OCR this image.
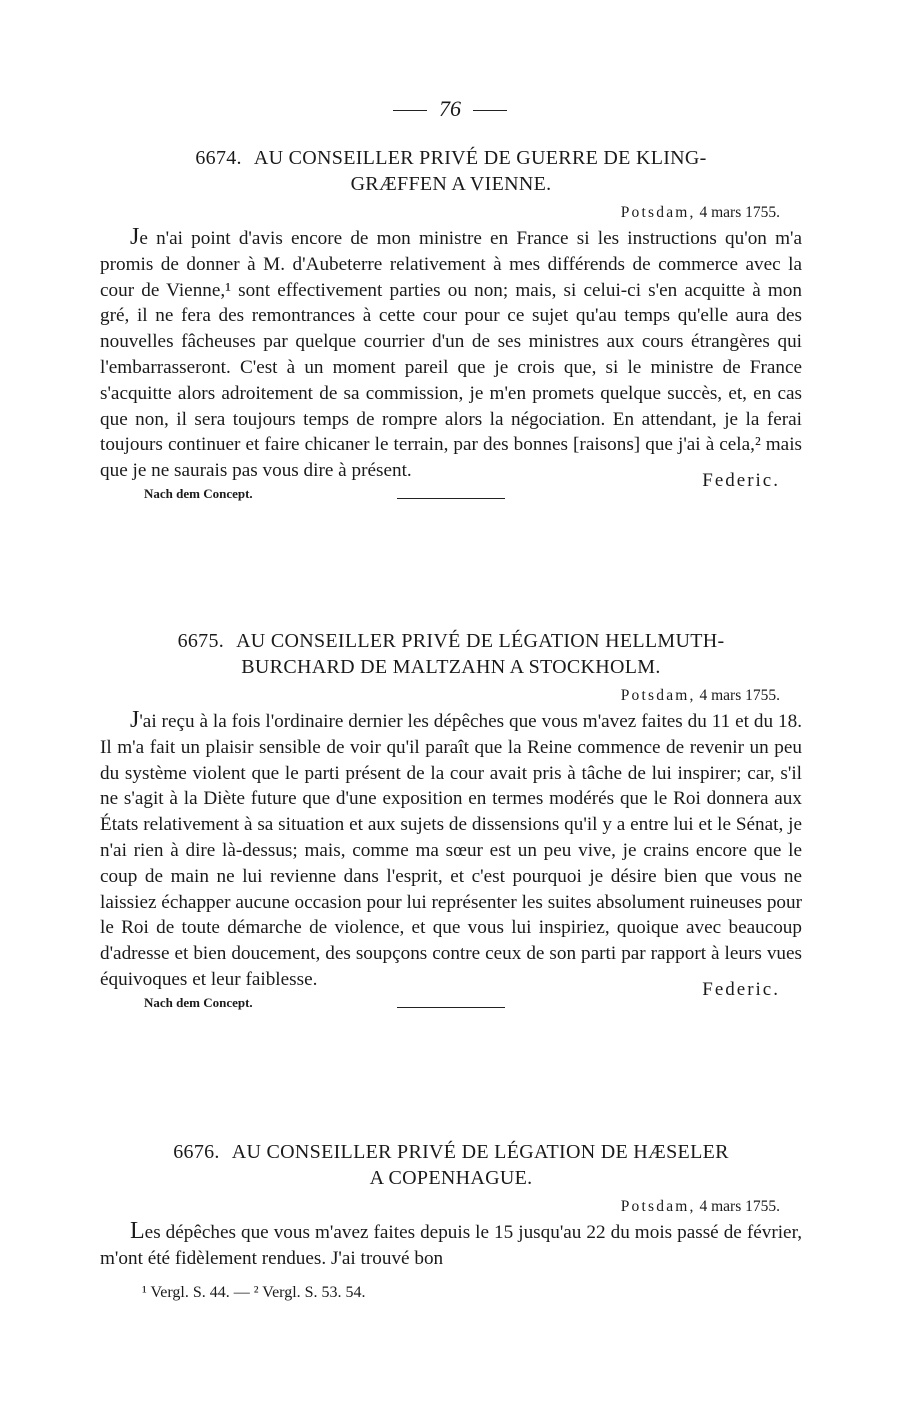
76
6674. AU CONSEILLER PRIVÉ DE GUERRE DE KLING-
GRÆFFEN A VIENNE.
Potsdam, 4 mars 1755.

Je n'ai point d'avis encore de mon ministre en France si les instructions qu'on m'a promis de donner à M. d'Aubeterre relativement à mes différends de commerce avec la cour de Vienne,¹ sont effectivement parties ou non; mais, si celui-ci s'en acquitte à mon gré, il ne fera des remontrances à cette cour pour ce sujet qu'au temps qu'elle aura des nouvelles fâcheuses par quelque courrier d'un de ses ministres aux cours étrangères qui l'embarrasseront. C'est à un moment pareil que je crois que, si le ministre de France s'acquitte alors adroitement de sa commission, je m'en promets quelque succès, et, en cas que non, il sera toujours temps de rompre alors la négociation. En attendant, je la ferai toujours continuer et faire chicaner le terrain, par des bonnes [raisons] que j'ai à cela,² mais que je ne saurais pas vous dire à présent.	Federic.
Nach dem Concept.
6675. AU CONSEILLER PRIVÉ DE LÉGATION HELLMUTH-
BURCHARD DE MALTZAHN A STOCKHOLM.
Potsdam, 4 mars 1755.

J'ai reçu à la fois l'ordinaire dernier les dépêches que vous m'avez faites du 11 et du 18. Il m'a fait un plaisir sensible de voir qu'il paraît que la Reine commence de revenir un peu du système violent que le parti présent de la cour avait pris à tâche de lui inspirer; car, s'il ne s'agit à la Diète future que d'une exposition en termes modérés que le Roi donnera aux États relativement à sa situation et aux sujets de dissensions qu'il y a entre lui et le Sénat, je n'ai rien à dire là-dessus; mais, comme ma sœur est un peu vive, je crains encore que le coup de main ne lui revienne dans l'esprit, et c'est pourquoi je désire bien que vous ne laissiez échapper aucune occasion pour lui représenter les suites absolument ruineuses pour le Roi de toute démarche de violence, et que vous lui inspiriez, quoique avec beaucoup d'adresse et bien doucement, des soupçons contre ceux de son parti par rapport à leurs vues équivoques et leur faiblesse.	Federic.
Nach dem Concept.
6676. AU CONSEILLER PRIVÉ DE LÉGATION DE HÆSELER
A COPENHAGUE.
Potsdam, 4 mars 1755.

Les dépêches que vous m'avez faites depuis le 15 jusqu'au 22 du mois passé de février, m'ont été fidèlement rendues. J'ai trouvé bon

¹ Vergl. S. 44. — ² Vergl. S. 53. 54.
